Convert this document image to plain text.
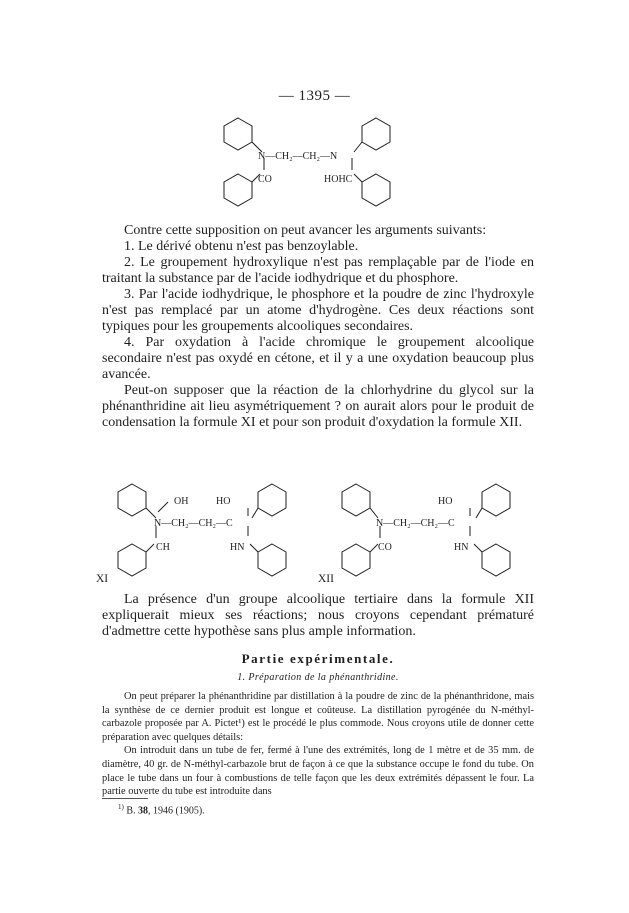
— 1395 —
N—CH₂—CH₂—N
CO	HOHC

Contre cette supposition on peut avancer les arguments suivants:

1. Le dérivé obtenu n'est pas benzoylable.

2. Le groupement hydroxylique n'est pas remplaçable par de l'iode en traitant la substance par de l'acide iodhydrique et du phosphore.

3. Par l'acide iodhydrique, le phosphore et la poudre de zinc l'hydroxyle n'est pas remplacé par un atome d'hydrogène. Ces deux réactions sont typiques pour les groupements alcooliques secondaires.

4. Par oxydation à l'acide chromique le groupement alcoolique secondaire n'est pas oxydé en cétone, et il y a une oxydation beaucoup plus avancée.

Peut-on supposer que la réaction de la chlorhydrine du glycol sur la phénanthridine ait lieu asymétriquement ? on aurait alors pour le produit de condensation la formule XI et pour son produit d'oxydation la formule XII.

XI
OH	HO
N—CH₂—CH₂—C
CH	HN
XII
HO
N—CH₂—CH₂—C
CO	HN

La présence d'un groupe alcoolique tertiaire dans la formule XII expliquerait mieux ses réactions; nous croyons cependant prématuré d'admettre cette hypothèse sans plus ample information.

Partie expérimentale.
1. Préparation de la phénanthridine.

On peut préparer la phénanthridine par distillation à la poudre de zinc de la phénanthridone, mais la synthèse de ce dernier produit est longue et coûteuse. La distillation pyrogénée du N-méthyl-carbazole proposée par A. Pictet¹) est le procédé le plus commode. Nous croyons utile de donner cette préparation avec quelques détails:

On introduit dans un tube de fer, fermé à l'une des extrémités, long de 1 mètre et de 35 mm. de diamètre, 40 gr. de N-méthyl-carbazole brut de façon à ce que la substance occupe le fond du tube. On place le tube dans un four à combustions de telle façon que les deux extrémités dépassent le four. La partie ouverte du tube est introduite dans

$^{1)}$ B. 38, 1946 (1905).
